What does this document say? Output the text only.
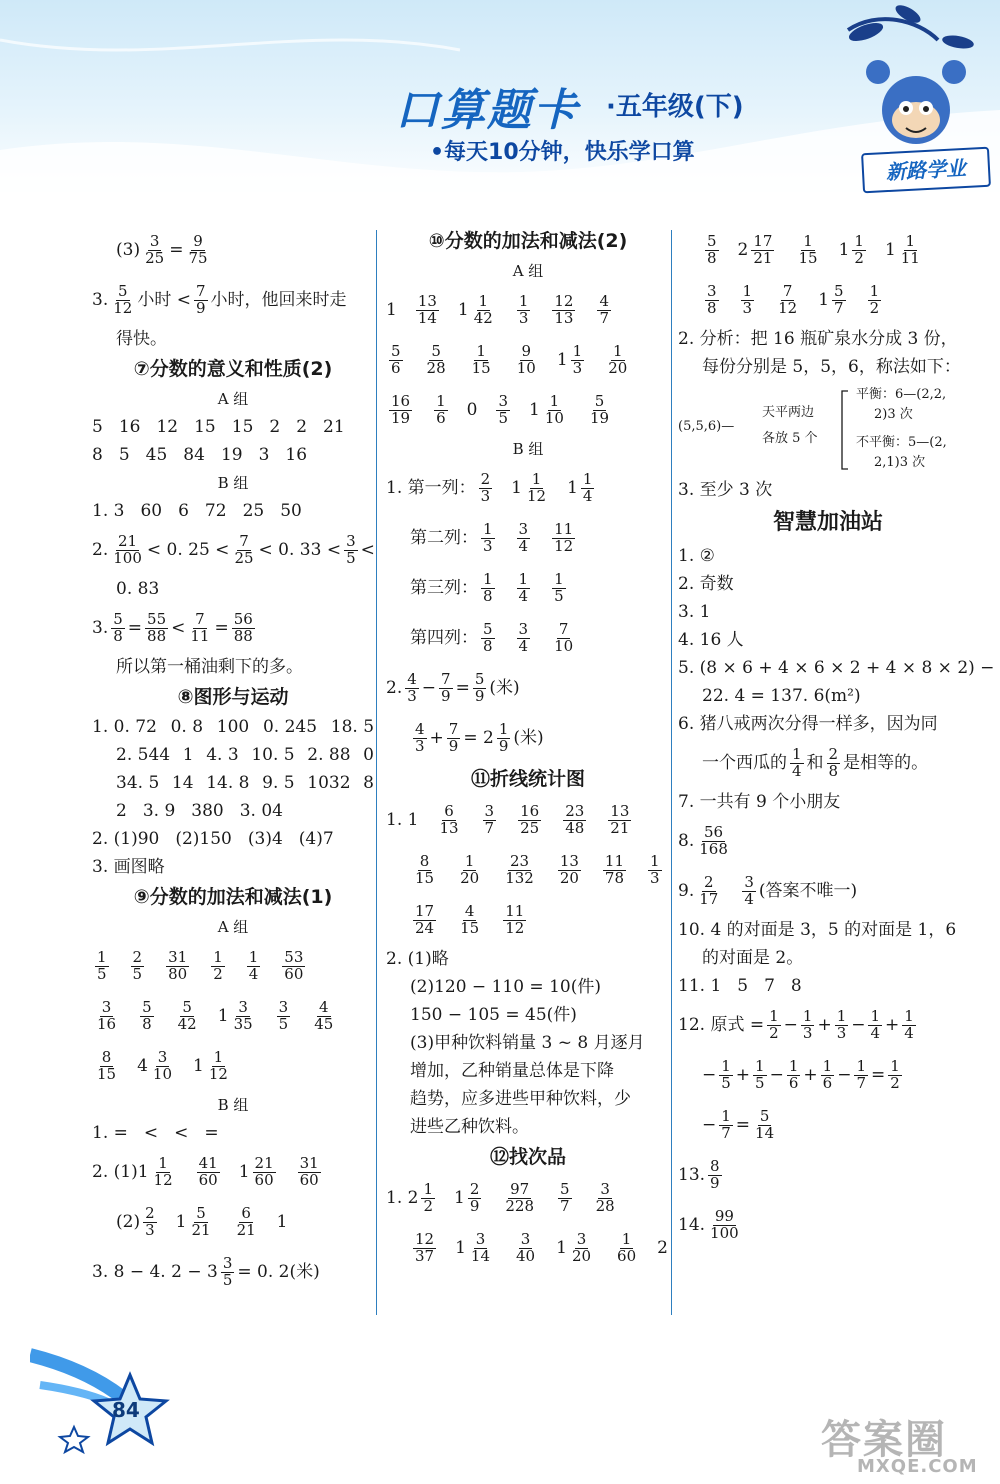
口算题卡 ·五年级(下)
•每天10分钟，快乐学口算
新路学业
$(3) \frac{3}{25} = \frac{9}{75}$
3. $\frac{5}{12}$ 小时 < $\frac{7}{9}$ 小时，他回来时走
得快。
⑦分数的意义和性质(2)
A 组
5 16 12 15 15 2 2 21
8 5 45 84 19 3 16
B 组
1. 3 60 6 72 25 50
2. $\frac{21}{100} < 0$. $25 < \frac{7}{25} < 0$. $33 < \frac{3}{5}$ <
0. 83
3. $\frac{5}{8} = \frac{55}{88} < \frac{7}{11} = \frac{56}{88}$
所以第一桶油剩下的多。
⑧图形与运动
1. 0. 72 0. 8 100 0. 245 18. 5
2. 544 1 4. 3 10. 5 2. 88 0
34. 5 14 14. 8 9. 5 1032 8
2 3. 9 380 3. 04
2. (1)90 (2)150 (3)4 (4)7
3. 画图略
⑨分数的加法和减法(1)
A 组
$\frac{1}{5} \frac{2}{5} \frac{31}{80} \frac{1}{2} \frac{1}{4} \frac{53}{60}$
$\frac{3}{16} \frac{5}{8} \frac{5}{42} 1 \frac{3}{35} \frac{3}{5} \frac{4}{45}$
$\frac{8}{15} 4 \frac{3}{10} 1 \frac{1}{12}$
B 组
1. = < < =
2. $(1)1 \frac{1}{12} \frac{41}{60} 1 \frac{21}{60} \frac{31}{60}$
$(2) \frac{2}{3} 1 \frac{5}{21} \frac{6}{21} 1$
3. 8 − 4. $2 - 3 \frac{3}{5} = 0$. 2(米)
⑩分数的加法和减法(2)
A 组
$1 \frac{13}{14} 1 \frac{1}{42} \frac{1}{3} \frac{12}{13} \frac{4}{7}$
$\frac{5}{6} \frac{5}{28} \frac{1}{15} \frac{9}{10} 1 \frac{1}{3} \frac{1}{20}$
$\frac{16}{19} \frac{1}{6} 0 \frac{3}{5} 1 \frac{1}{10} \frac{5}{19}$
B 组
1. 第一列： $\frac{2}{3} 1 \frac{1}{12} 1 \frac{1}{4}$
第二列： $\frac{1}{3} \frac{3}{4} \frac{11}{12}$
第三列： $\frac{1}{8} \frac{1}{4} \frac{1}{5}$
第四列： $\frac{5}{8} \frac{3}{4} \frac{7}{10}$
2. $\frac{4}{3} - \frac{7}{9} = \frac{5}{9}$ (米)
$\frac{4}{3} + \frac{7}{9} = 2 \frac{1}{9}$ (米)
⑪折线统计图
1. $1 \frac{6}{13} \frac{3}{7} \frac{16}{25} \frac{23}{48} \frac{13}{21}$
$\frac{8}{15} \frac{1}{20} \frac{23}{132} \frac{13}{20} \frac{11}{78} \frac{1}{3}$
$\frac{17}{24} \frac{4}{15} \frac{11}{12}$
2. (1)略
(2)120 − 110 = 10(件)
150 − 105 = 45(件)
(3)甲种饮料销量 3 ~ 8 月逐月
增加，乙种销量总体是下降
趋势，应多进些甲种饮料，少
进些乙种饮料。
⑫找次品
1. $2 \frac{1}{2} 1 \frac{2}{9} \frac{97}{228} \frac{5}{7} \frac{3}{28}$
$\frac{12}{37} 1 \frac{3}{14} \frac{3}{40} 1 \frac{3}{20} \frac{1}{60} 2$
$\frac{5}{8} 2 \frac{17}{21} \frac{1}{15} 1 \frac{1}{2} 1 \frac{1}{11}$
$\frac{3}{8} \frac{1}{3} \frac{7}{12} 1 \frac{5}{7} \frac{1}{2}$
2. 分析：把 16 瓶矿泉水分成 3 份，
每份分别是 5，5，6，称法如下：
(5,5,6)—
天平两边
各放 5 个
平衡：6—(2,2,
2)3 次
不平衡：5—(2,
2,1)3 次
3. 至少 3 次
智慧加油站
1. ②
2. 奇数
3. 1
4. 16 人
5. (8 × 6 + 4 × 6 × 2 + 4 × 8 × 2) −
22. 4 = 137. 6(m²)
6. 猪八戒两次分得一样多，因为同
一个西瓜的 $\frac{1}{4}$ 和 $\frac{2}{8}$ 是相等的。
7. 一共有 9 个小朋友
8. $\frac{56}{168}$
9. $\frac{2}{17} \frac{3}{4}$ (答案不唯一)
10. 4 的对面是 3，5 的对面是 1，6
的对面是 2。
11. 1 5 7 8
12. 原式 = $\frac{1}{2} - \frac{1}{3} + \frac{1}{3} - \frac{1}{4} + \frac{1}{4}$
− $\frac{1}{5} + \frac{1}{5} - \frac{1}{6} + \frac{1}{6} - \frac{1}{7} = \frac{1}{2}$
− $\frac{1}{7} = \frac{5}{14}$
13. $\frac{8}{9}$
14. $\frac{99}{100}$
84
答案圈
MXQE.COM
